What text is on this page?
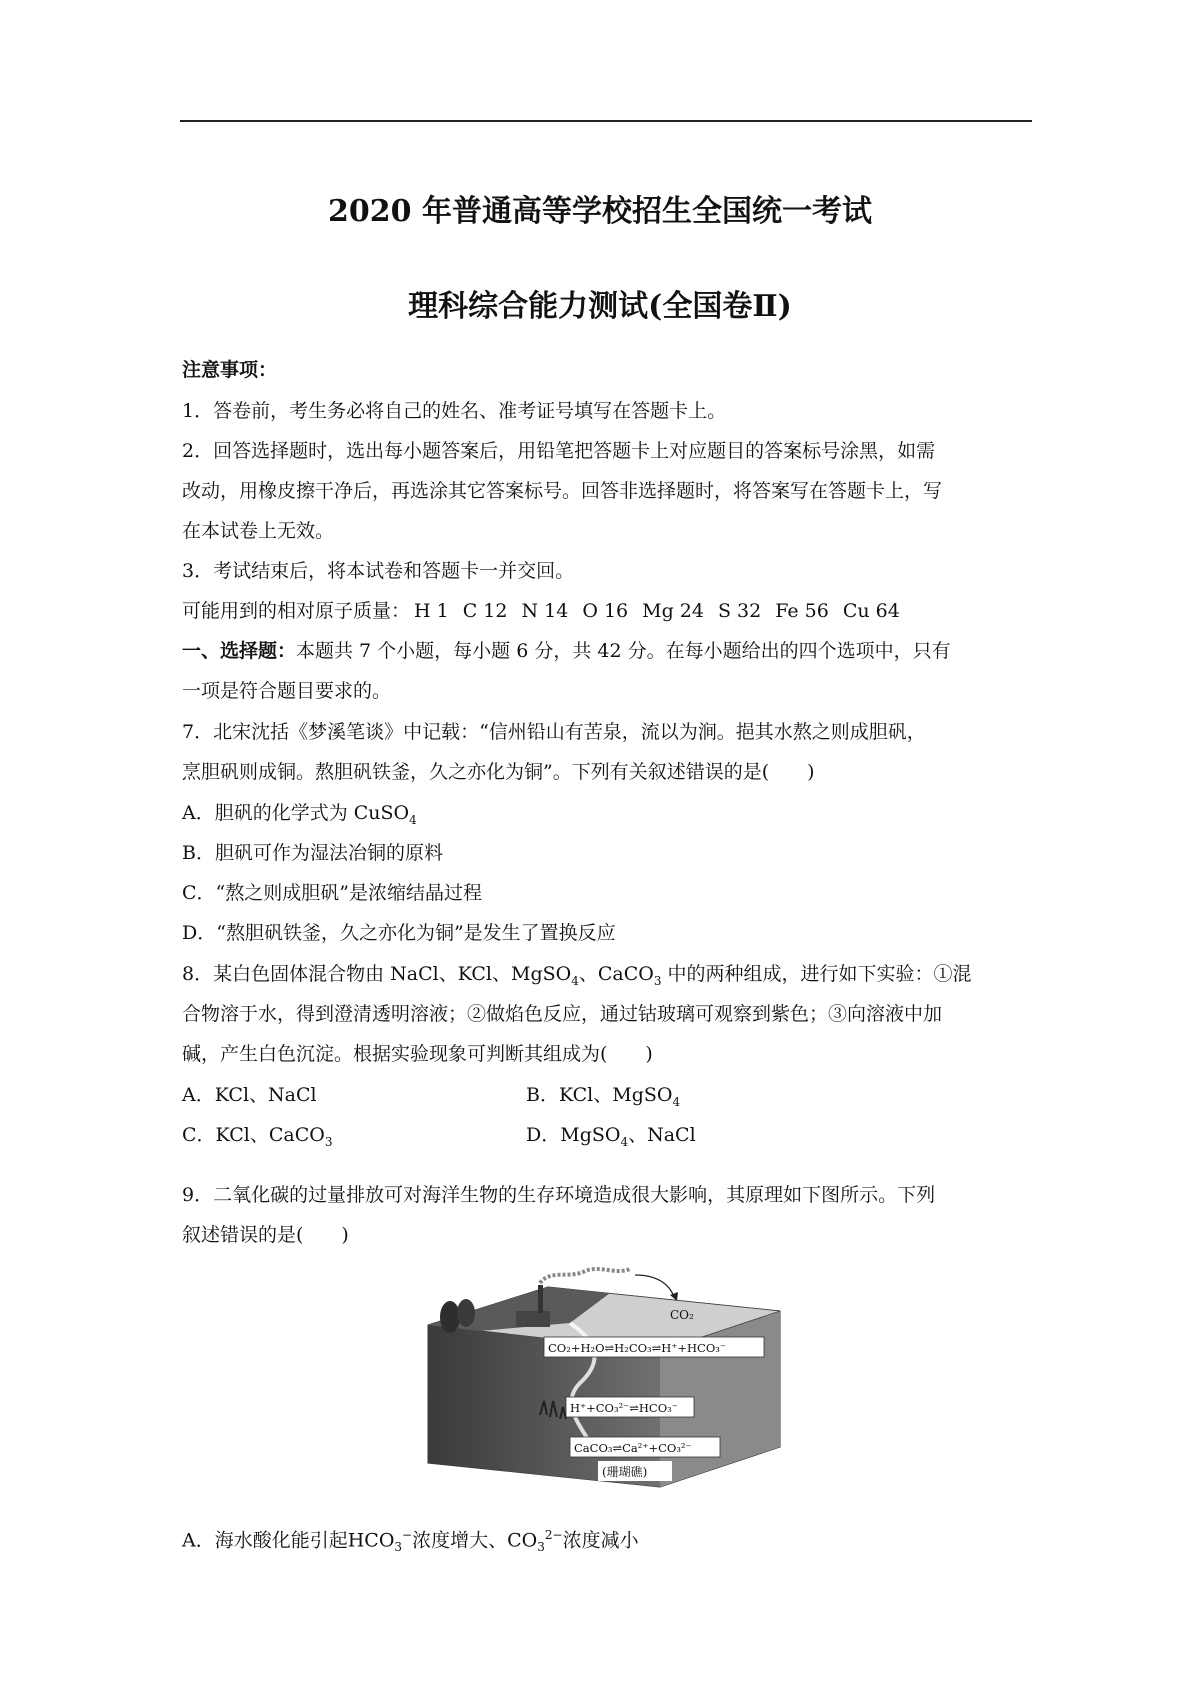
2020 年普通高等学校招生全国统一考试
理科综合能力测试(全国卷Ⅱ)
注意事项：
1．答卷前，考生务必将自己的姓名、准考证号填写在答题卡上。
2．回答选择题时，选出每小题答案后，用铅笔把答题卡上对应题目的答案标号涂黑，如需
改动，用橡皮擦干净后，再选涂其它答案标号。回答非选择题时，将答案写在答题卡上，写
在本试卷上无效。
3．考试结束后，将本试卷和答题卡一并交回。
可能用到的相对原子质量： H 1 C 12 N 14 O 16 Mg 24 S 32 Fe 56 Cu 64
一、选择题：本题共 7 个小题，每小题 6 分，共 42 分。在每小题给出的四个选项中，只有
一项是符合题目要求的。
7．北宋沈括《梦溪笔谈》中记载：“信州铅山有苦泉，流以为涧。挹其水熬之则成胆矾，
烹胆矾则成铜。熬胆矾铁釜，久之亦化为铜”。下列有关叙述错误的是(　　)
A．胆矾的化学式为 CuSO$_4$
B．胆矾可作为湿法冶铜的原料
C．“熬之则成胆矾”是浓缩结晶过程
D．“熬胆矾铁釜，久之亦化为铜”是发生了置换反应
8．某白色固体混合物由 NaCl、KCl、MgSO$_4$、CaCO$_3$ 中的两种组成，进行如下实验：①混
合物溶于水，得到澄清透明溶液；②做焰色反应，通过钴玻璃可观察到紫色；③向溶液中加
碱，产生白色沉淀。根据实验现象可判断其组成为(　　)
A．KCl、NaCl	B．KCl、MgSO$_4$
C．KCl、CaCO$_3$	D．MgSO$_4$、NaCl
9．二氧化碳的过量排放可对海洋生物的生存环境造成很大影响，其原理如下图所示。下列
叙述错误的是(　　)
CO₂
CO₂+H₂O⇌H₂CO₃⇌H⁺+HCO₃⁻
H⁺+CO₃²⁻⇌HCO₃⁻
CaCO₃⇌Ca²⁺+CO₃²⁻
(珊瑚礁)
A．海水酸化能引起$HCO_3^-$浓度增大、$CO_3^{2-}$浓度减小
